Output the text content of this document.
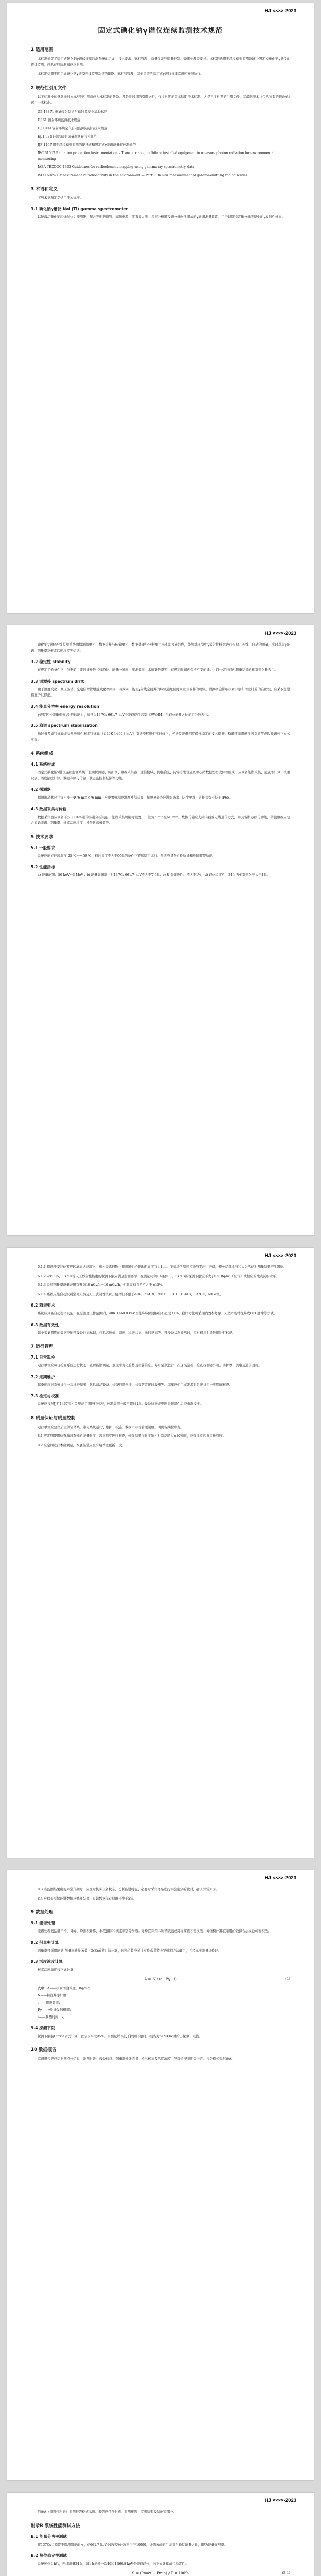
HJ ××××-2023
固定式碘化钠γ谱仪连续监测技术规范
1 适用范围

本标准规定了固定式碘化钠γ谱仪连续监测系统的组成、技术要求、运行管理、质量保证与质量控制、数据处理等要求。本标准适用于环境辐射监测领域中固定式碘化钠γ谱仪的连续监测，包括在线监测和应急监测。

本标准适用于固定式碘化钠γ谱仪连续监测系统的建设、运行和管理，其他类型的固定式γ谱仪连续监测可参照执行。

2 规范性引用文件

以下标准中的条款通过本标准的引用而成为本标准的条款。凡是注日期的引用文件，仅注日期的版本适用于本标准。凡是不注日期的引用文件，其最新版本（包括所有的修改单）适用于本标准。

GB 18871 电离辐射防护与辐射源安全基本标准
HJ 61 辐射环境监测技术规范
HJ 1009 辐射环境空气自动监测站运行技术规范
EJ/T 984 环境γ辐射剂量率测量技术规范
JJF 1467 用于环境辐射监测的便携式和固定式γ能谱测量仪校准规范
IEC 61017 Radiation protection instrumentation – Transportable, mobile or installed equipment to measure photon radiation for environmental monitoring
IAEA-TECDOC-1363 Guidelines for radioelement mapping using gamma ray spectrometry data
ISO 16089-7 Measurement of radioactivity in the environment — Part 7: In situ measurement of gamma-emitting radionuclides
3 术语和定义

下列术语和定义适用于本标准。

3.1 碘化钠γ谱仪 NaI (Tl) gamma spectrometer

以铊激活碘化钠闪烁晶体为探测器，配合光电倍增管、高压电源、前置放大器、多道分析器及谱分析软件组成的γ能谱测量装置，用于识别和定量分析环境中的γ放射性核素。

HJ ××××-2023

碘化钠γ谱仪连续监测系统由探测器单元、数据采集与传输单元、数据处理与分析单元及辅助设施组成，能够对环境中γ放射性核素进行长期、连续、自动的测量，实时获取γ能谱、剂量率及核素活度浓度等信息。

3.2 稳定性 stability

在规定工作条件下，仪器的主要性能参数（如峰位、能量分辨率、探测效率、本底计数率等）在规定时间内保持不变的能力，以一定时间内测量结果的相对变化量表示。

3.3 谱漂移 spectrum drift

由于温度变化、高压波动、光电倍增管增益变化等原因，导致同一能量γ射线全能峰的峰位道址随时间发生偏移的现象。谱漂移会影响核素识别和活度计算的准确性，应采取稳谱措施予以修正。

3.4 能量分辨率 energy resolution

γ谱仪区分能量相近γ射线的能力，通常以137Cs 661.7 keV全能峰的半高宽（FWHM）与峰位能量之比的百分数表示。

3.5 稳谱 spectrum stabilization

通过参考源特征峰或天然放射性核素特征峰（如40K 1460.8 keV）对谱漂移进行实时修正，使谱仪能量刻度保持稳定的技术措施。稳谱可采用硬件增益调节或软件谱校正方式实现。

4 系统组成
4.1 系统构成

固定式碘化钠γ谱仪连续监测系统一般由探测器、防护罩、数据采集器、通信模块、供电系统、防雷接地设施及中心站数据处理软件等组成，应具备能谱采集、剂量率计算、核素识别、活度浓度计算、数据存储与传输、状态监控和报警等功能。

4.2 探测器

探测器晶体尺寸宜不小于Φ76 mm×76 mm，应配置恒温或温度补偿装置，探测器外壳应满足防水、防尘要求，防护等级不低于IP65。

4.3 数据采集与传输

数据采集器应具备不少于1024道的多道分析功能，能谱采集周期可设置，一般为5 min至60 min。数据传输应支持有线或无线通信方式，并具备断点续传功能，传输数据应包含原始能谱、剂量率、核素活度浓度、设备状态参数等。

5 技术要求
5.1 一般要求

系统应能在环境温度-25 ℃～+50 ℃、相对湿度不大于95%的条件下连续稳定运行。系统应具备自检功能和故障报警功能。

5.2 性能指标

a) 能量范围：50 keV～3 MeV；b) 能量分辨率：对137Cs 661.7 keV不大于7.5%；c) 积分非线性：不大于1%；d) 峰位稳定性：24 h内相对变化不大于1%。

HJ ××××-2023

6.1.1 探测器安装位置应远离高大建筑物、树木等遮挡物，探测器中心距地面高度宜为1 m。安装场所周围应地势平坦、开阔，避免局部地形和人为活动对测量结果产生影响。

6.1.2 对60Co、137Cs等人工放射性核素的探测下限应满足监测要求，在测量时间1 h条件下，137Cs的探测下限宜不大于0.5 Bq/m³（空气）或相应的地表沉积水平。

6.1.3 系统剂量率测量范围宜覆盖10 nGy/h～10 mGy/h，相对固有误差不大于±15%。

6.1.4 系统应能自动识别常见天然及人工放射性核素，包括但不限于40K、214Bi、208Tl、131I、134Cs、137Cs、60Co等。

6.2 稳谱要求

系统应具备自动稳谱功能，在全温度工作范围内，40K 1460.8 keV全能峰峰位漂移应不超过±1%。稳谱方法可采用内置参考源、天然本底特征峰或LED脉冲等方式。

6.3 数据有效性

每个采集周期的数据应附带设备状态标识，包括高压值、温度、稳谱状态、通信状态等。当设备状态异常时，应对相应时段数据进行标记。

7 运行管理
7.1 日常巡检

运行单位应每日检查系统运行状态，查看能谱质量、剂量率变化趋势及报警信息。每月至少进行一次现场巡检，检查探测器外观、防护罩、供电及通信设施。

7.2 定期维护

每季度应对系统进行一次维护保养，包括清洁设备、检查线缆连接、检查防雷接地设施等。每年应使用标准源对系统进行一次期间核查。

7.3 检定与校准

系统应按照JJF 1467等相关规范定期进行校准，校准周期一般不超过1年。设备维修或更换关键部件后应重新校准。

8 质量保证与质量控制

运行单位应建立质量保证体系，制定系统运行、维护、校准、数据审核等管理制度，明确各岗位职责。

8.1 应定期使用检查源对系统的能量刻度、效率刻度进行核查，核查结果与刻度值相对偏差超过±10%时，应查找原因并重新刻度。

8.2 应定期进行本底测量，本底能谱应至少每季度更新一次。

HJ ××××-2023

8.3 当监测结果出现异常升高时，应及时核实设备状态、分析能谱特征，必要时采集样品进行实验室分析比对，确认异常原因。

8.4 应保存原始能谱数据及处理结果，原始数据保存期限不少于5年。

9 数据处理
9.1 能谱处理

能谱处理包括谱平滑、寻峰、峰面积计算、本底扣除和核素识别等步骤。寻峰宜采用二阶导数法或对称零面积变换法，峰面积计算宜采用函数拟合法或总峰面积法。

9.2 剂量率计算

剂量率可采用能谱-剂量率转换函数（G(E)函数）法计算，转换函数应通过实验或蒙特卡罗模拟方法确定，并经标准剂量场验证。

9.3 活度浓度计算

核素活度浓度按下式计算：

A = N / (ε · Pγ · t)	(1)
式中：A——核素活度浓度，Bq/m³；
N——特征峰净计数；
ε——探测效率；
Pγ——γ射线发射概率；
t——测量时间，s。
9.4 探测下限

探测下限按Currie公式计算，置信水平取95%。当测量结果低于探测下限时，报告为“<MDA”并给出探测下限值。

10 数据报告

监测报告应包括监测点位信息、监测时段、设备信息、剂量率统计结果、检出核素及活度浓度、异常情况说明等内容。报告格式见附录A。

HJ ××××-2023

附录A（资料性附录）监测报告格式示例。报告应包含封面、监测概况、监测结果及结论等部分。

附录B 系统性能测试方法
B.1 能量分辨率测试

将137Cs点源置于探测器正前方，使661.7 keV全能峰净计数不少于10000，计算该峰的半高宽与峰位能量之比，即为能量分辨率。

B.2 峰位稳定性测试

系统预热1 h后，连续测量24 h，每1 h记录一次40K 1460.8 keV全能峰峰位，按下式计算峰位稳定性：

S = (Pmax − Pmin) / P̄ × 100%	(B.1)
